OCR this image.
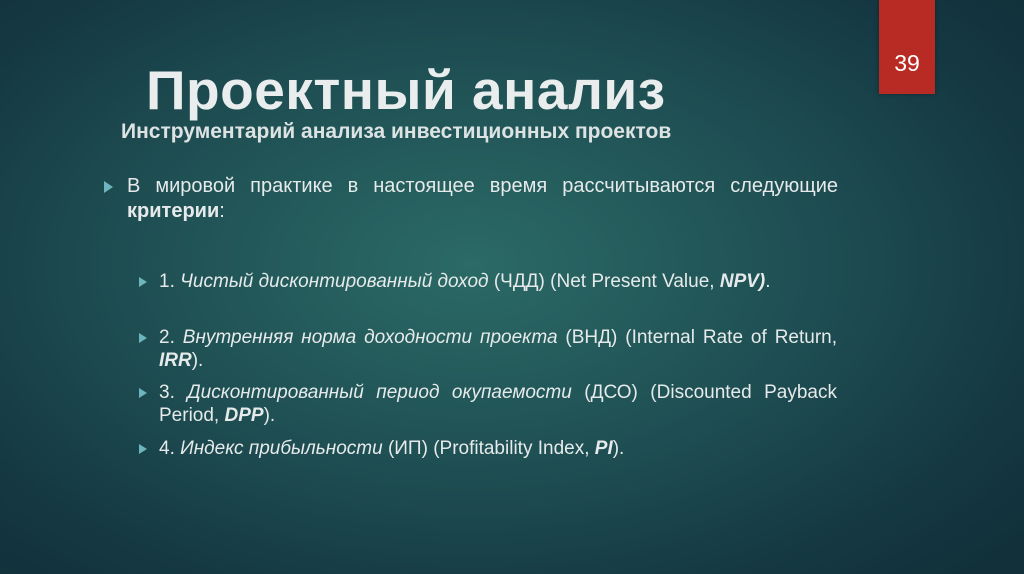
39
Проектный анализ
Инструментарий анализа инвестиционных проектов
В мировой практике в настоящее время рассчитываются следующие критерии:
1. Чистый дисконтированный доход (ЧДД) (Net Present Value, NPV).
2. Внутренняя норма доходности проекта (ВНД) (Internal Rate of Return, IRR).
3. Дисконтированный период окупаемости (ДСО) (Discounted Payback Period, DPP).
4. Индекс прибыльности (ИП) (Profitability Index, PI).
